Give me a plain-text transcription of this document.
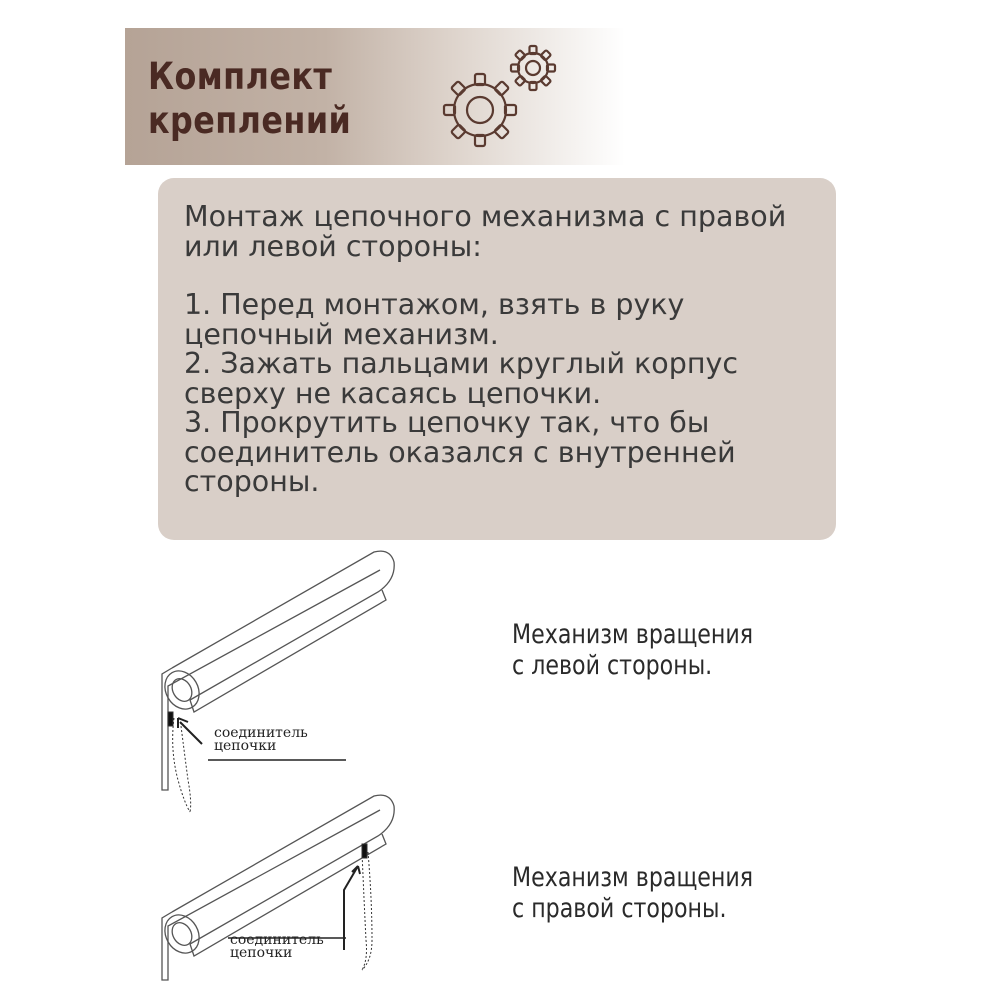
Комплект
креплений
Монтаж цепочного механизма с правой
или левой стороны:
1. Перед монтажом, взять в руку
цепочный механизм.
2. Зажать пальцами круглый корпус
сверху не касаясь цепочки.
3. Прокрутить цепочку так, что бы
соединитель оказался с внутренней
стороны.
соединитель
цепочки
соединитель
цепочки
Механизм вращения
с левой стороны.
Механизм вращения
с правой стороны.
